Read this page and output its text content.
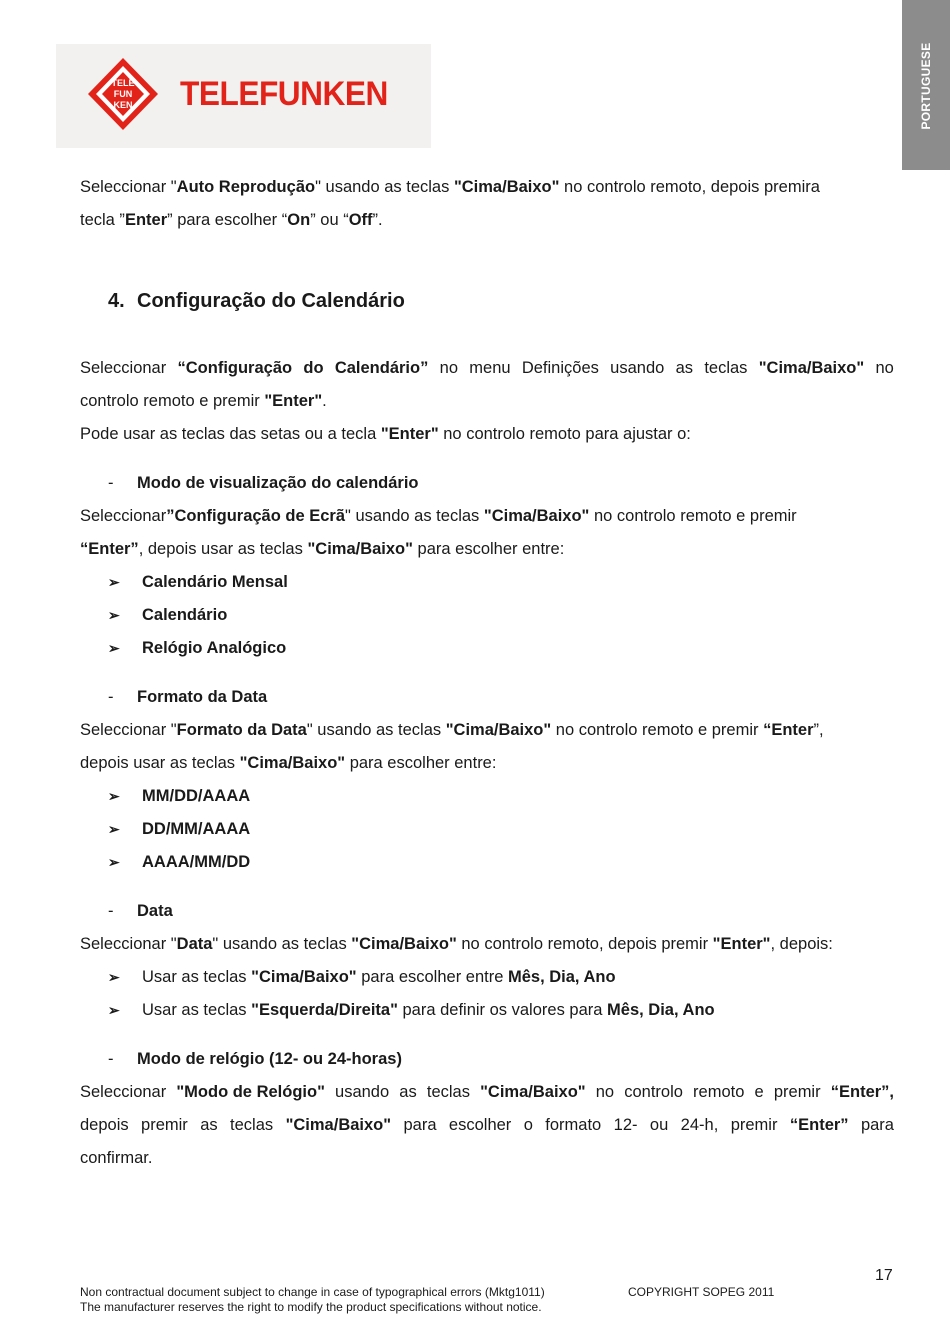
PORTUGUESE
TELE
FUN
KEN TELEFUNKEN
Seleccionar "Auto Reprodução" usando as teclas "Cima/Baixo" no controlo remoto, depois premira
tecla ”Enter” para escolher “On” ou “Off”.
4. Configuração do Calendário
Seleccionar “Configuração do Calendário” no menu Definições usando as teclas "Cima/Baixo" no
controlo remoto e premir "Enter".
Pode usar as teclas das setas ou a tecla "Enter" no controlo remoto para ajustar o:
- Modo de visualização do calendário
Seleccionar”Configuração de Ecrã" usando as teclas "Cima/Baixo" no controlo remoto e premir
“Enter”, depois usar as teclas "Cima/Baixo" para escolher entre:
➢ Calendário Mensal
➢ Calendário
➢ Relógio Analógico
- Formato da Data
Seleccionar "Formato da Data" usando as teclas "Cima/Baixo" no controlo remoto e premir “Enter”,
depois usar as teclas "Cima/Baixo" para escolher entre:
➢ MM/DD/AAAA
➢ DD/MM/AAAA
➢ AAAA/MM/DD
- Data
Seleccionar "Data" usando as teclas "Cima/Baixo" no controlo remoto, depois premir "Enter", depois:
➢ Usar as teclas "Cima/Baixo" para escolher entre Mês, Dia, Ano
➢ Usar as teclas "Esquerda/Direita" para definir os valores para Mês, Dia, Ano
- Modo de relógio (12- ou 24-horas)
Seleccionar "Modo de Relógio" usando as teclas "Cima/Baixo" no controlo remoto e premir “Enter”,
depois premir as teclas "Cima/Baixo" para escolher o formato 12- ou 24-h, premir “Enter” para
confirmar.
17
Non contractual document subject to change in case of typographical errors (Mktg1011)	COPYRIGHT SOPEG 2011
The manufacturer reserves the right to modify the product specifications without notice.
